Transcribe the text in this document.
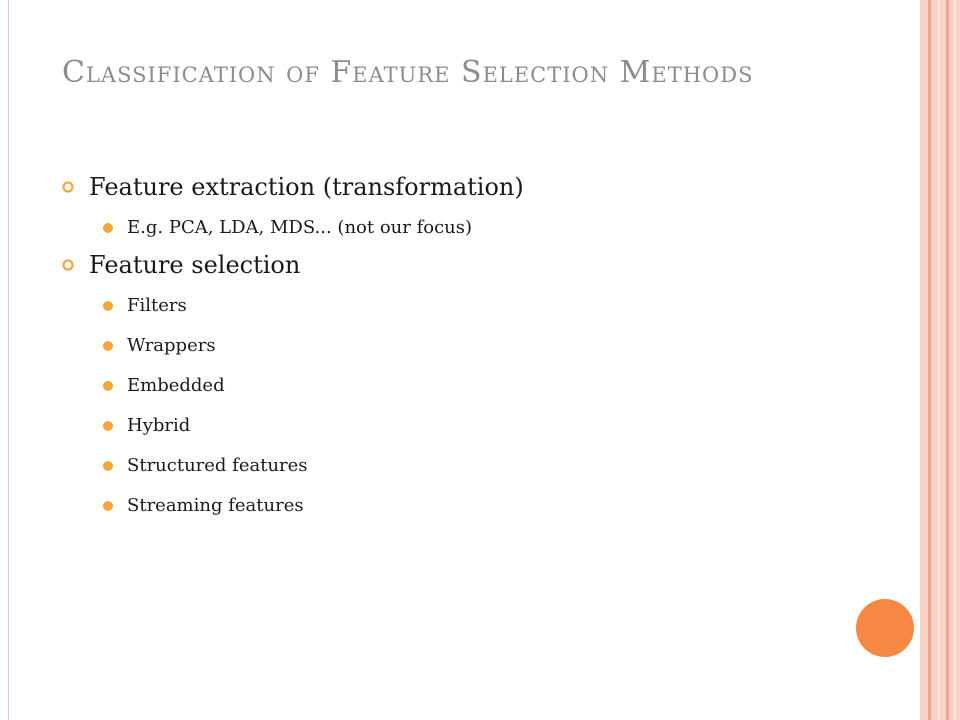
Classification of Feature Selection Methods
Feature extraction (transformation)
E.g. PCA, LDA, MDS... (not our focus)
Feature selection
Filters
Wrappers
Embedded
Hybrid
Structured features
Streaming features
